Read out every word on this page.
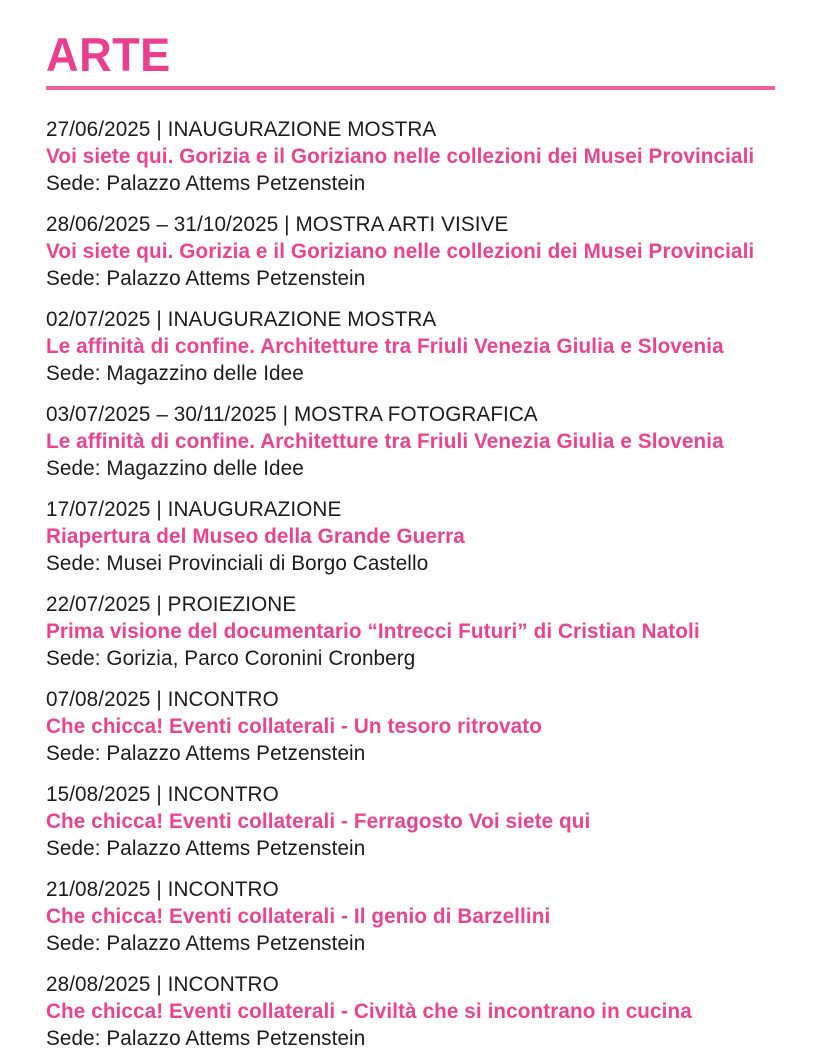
ARTE

27/06/2025 | INAUGURAZIONE MOSTRA

Voi siete qui. Gorizia e il Goriziano nelle collezioni dei Musei Provinciali

Sede: Palazzo Attems Petzenstein

28/06/2025 – 31/10/2025 | MOSTRA ARTI VISIVE

Voi siete qui. Gorizia e il Goriziano nelle collezioni dei Musei Provinciali

Sede: Palazzo Attems Petzenstein

02/07/2025 | INAUGURAZIONE MOSTRA

Le affinità di confine. Architetture tra Friuli Venezia Giulia e Slovenia

Sede: Magazzino delle Idee

03/07/2025 – 30/11/2025 | MOSTRA FOTOGRAFICA

Le affinità di confine. Architetture tra Friuli Venezia Giulia e Slovenia

Sede: Magazzino delle Idee

17/07/2025 | INAUGURAZIONE

Riapertura del Museo della Grande Guerra

Sede: Musei Provinciali di Borgo Castello

22/07/2025 | PROIEZIONE

Prima visione del documentario “Intrecci Futuri” di Cristian Natoli

Sede: Gorizia, Parco Coronini Cronberg

07/08/2025 | INCONTRO

Che chicca! Eventi collaterali - Un tesoro ritrovato

Sede: Palazzo Attems Petzenstein

15/08/2025 | INCONTRO

Che chicca! Eventi collaterali - Ferragosto Voi siete qui

Sede: Palazzo Attems Petzenstein

21/08/2025 | INCONTRO

Che chicca! Eventi collaterali - Il genio di Barzellini

Sede: Palazzo Attems Petzenstein

28/08/2025 | INCONTRO

Che chicca! Eventi collaterali - Civiltà che si incontrano in cucina

Sede: Palazzo Attems Petzenstein
